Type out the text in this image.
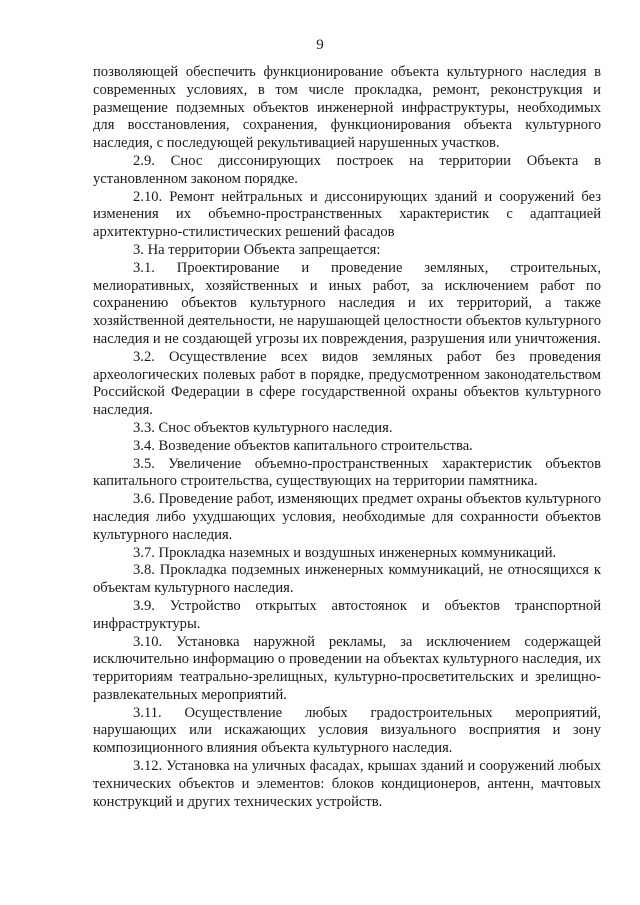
9

позволяющей обеспечить функционирование объекта культурного наследия в современных условиях, в том числе прокладка, ремонт, реконструкция и размещение подземных объектов инженерной инфраструктуры, необходимых для восстановления, сохранения, функционирования объекта культурного наследия, с последующей рекультивацией нарушенных участков.

2.9. Снос диссонирующих построек на территории Объекта в установленном законом порядке.

2.10. Ремонт нейтральных и диссонирующих зданий и сооружений без изменения их объемно-пространственных характеристик с адаптацией архитектурно-стилистических решений фасадов

3. На территории Объекта запрещается:

3.1. Проектирование и проведение земляных, строительных, мелиоративных, хозяйственных и иных работ, за исключением работ по сохранению объектов культурного наследия и их территорий, а также хозяйственной деятельности, не нарушающей целостности объектов культурного наследия и не создающей угрозы их повреждения, разрушения или уничтожения.

3.2. Осуществление всех видов земляных работ без проведения археологических полевых работ в порядке, предусмотренном законодательством Российской Федерации в сфере государственной охраны объектов культурного наследия.

3.3. Снос объектов культурного наследия.

3.4. Возведение объектов капитального строительства.

3.5. Увеличение объемно-пространственных характеристик объектов капитального строительства, существующих на территории памятника.

3.6. Проведение работ, изменяющих предмет охраны объектов культурного наследия либо ухудшающих условия, необходимые для сохранности объектов культурного наследия.

3.7. Прокладка наземных и воздушных инженерных коммуникаций.

3.8. Прокладка подземных инженерных коммуникаций, не относящихся к объектам культурного наследия.

3.9. Устройство открытых автостоянок и объектов транспортной инфраструктуры.

3.10. Установка наружной рекламы, за исключением содержащей исключительно информацию о проведении на объектах культурного наследия, их территориям театрально-зрелищных, культурно-просветительских и зрелищно-развлекательных мероприятий.

3.11. Осуществление любых градостроительных мероприятий, нарушающих или искажающих условия визуального восприятия и зону композиционного влияния объекта культурного наследия.

3.12. Установка на уличных фасадах, крышах зданий и сооружений любых технических объектов и элементов: блоков кондиционеров, антенн, мачтовых конструкций и других технических устройств.
